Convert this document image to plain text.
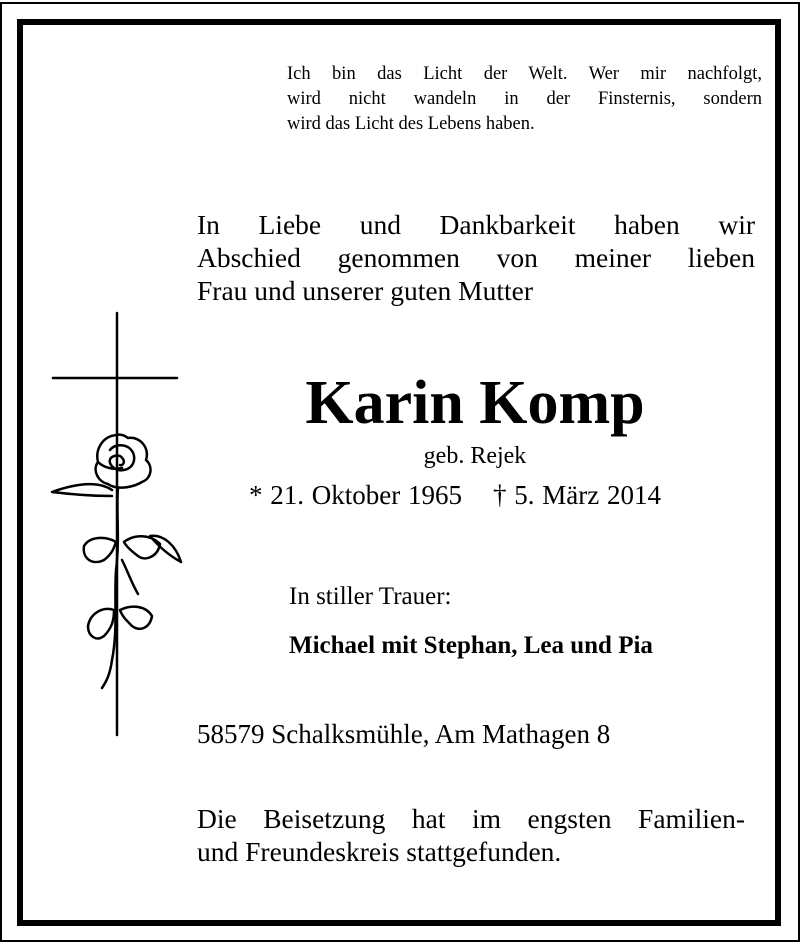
Ich bin das Licht der Welt. Wer mir nachfolgt,
wird nicht wandeln in der Finsternis, sondern
wird das Licht des Lebens haben.
In Liebe und Dankbarkeit haben wir
Abschied genommen von meiner lieben
Frau und unserer guten Mutter
Karin Komp
geb. Rejek
* 21. Oktober 1965 † 5. März 2014
In stiller Trauer:
Michael mit Stephan, Lea und Pia
58579 Schalksmühle, Am Mathagen 8
Die Beisetzung hat im engsten Familien-
und Freundeskreis stattgefunden.
